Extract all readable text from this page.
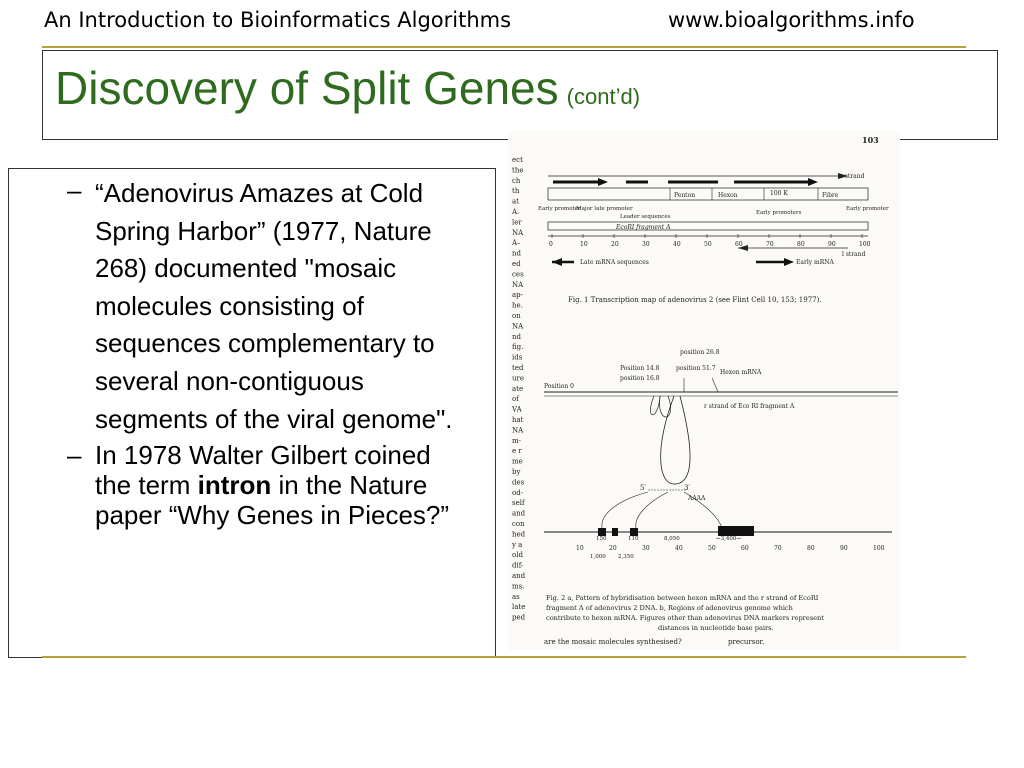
An Introduction to Bioinformatics Algorithms	www.bioalgorithms.info
Discovery of Split Genes (cont’d)
103
ect
the
ch
th
at
A.
ler
NA
A–
nd
ed
ces
NA
ap-
he.
on
NA
nd
fig.
ids
ted
ure
ate
of
VA
hat
NA
m-
e r
me
by
des
od-
self
and
con
hed
y a
old
dif-
and
ms.
as
late
ped
r strand
Penton	Hexon	100 K	Fibre
Early promoter
Major late promoter
Leader sequences
Early promoters
Early promoter
EcoRI fragment A
0	10	20	30	40	50	60	70	80	90	100
l strand
Late mRNA sequences	Early mRNA
Fig. 1 Transcription map of adenovirus 2 (see Flint Cell 10, 153; 1977).
position 26.8
Position 14.8	position 51.7
position 16.8
Hexon mRNA
Position 0
r strand of Eco RI fragment A
5′	3′
AAAA
150	110	8,050	←3,400→
1,000 2,350
10	20	30	40	50	60	70	80	90	100
Fig. 2 a, Pattern of hybridisation between hexon mRNA and the r strand of EcoRI
fragment A of adenovirus 2 DNA. b, Regions of adenovirus genome which
contribute to hexon mRNA. Figures other than adenovirus DNA markers represent
distances in nucleotide base pairs.
are the mosaic molecules synthesised?	precursor.
– “Adenovirus Amazes at Cold Spring Harbor” (1977, Nature 268) documented "mosaic molecules consisting of sequences complementary to several non-contiguous segments of the viral genome".
– In 1978 Walter Gilbert coined the term intron in the Nature paper “Why Genes in Pieces?”
